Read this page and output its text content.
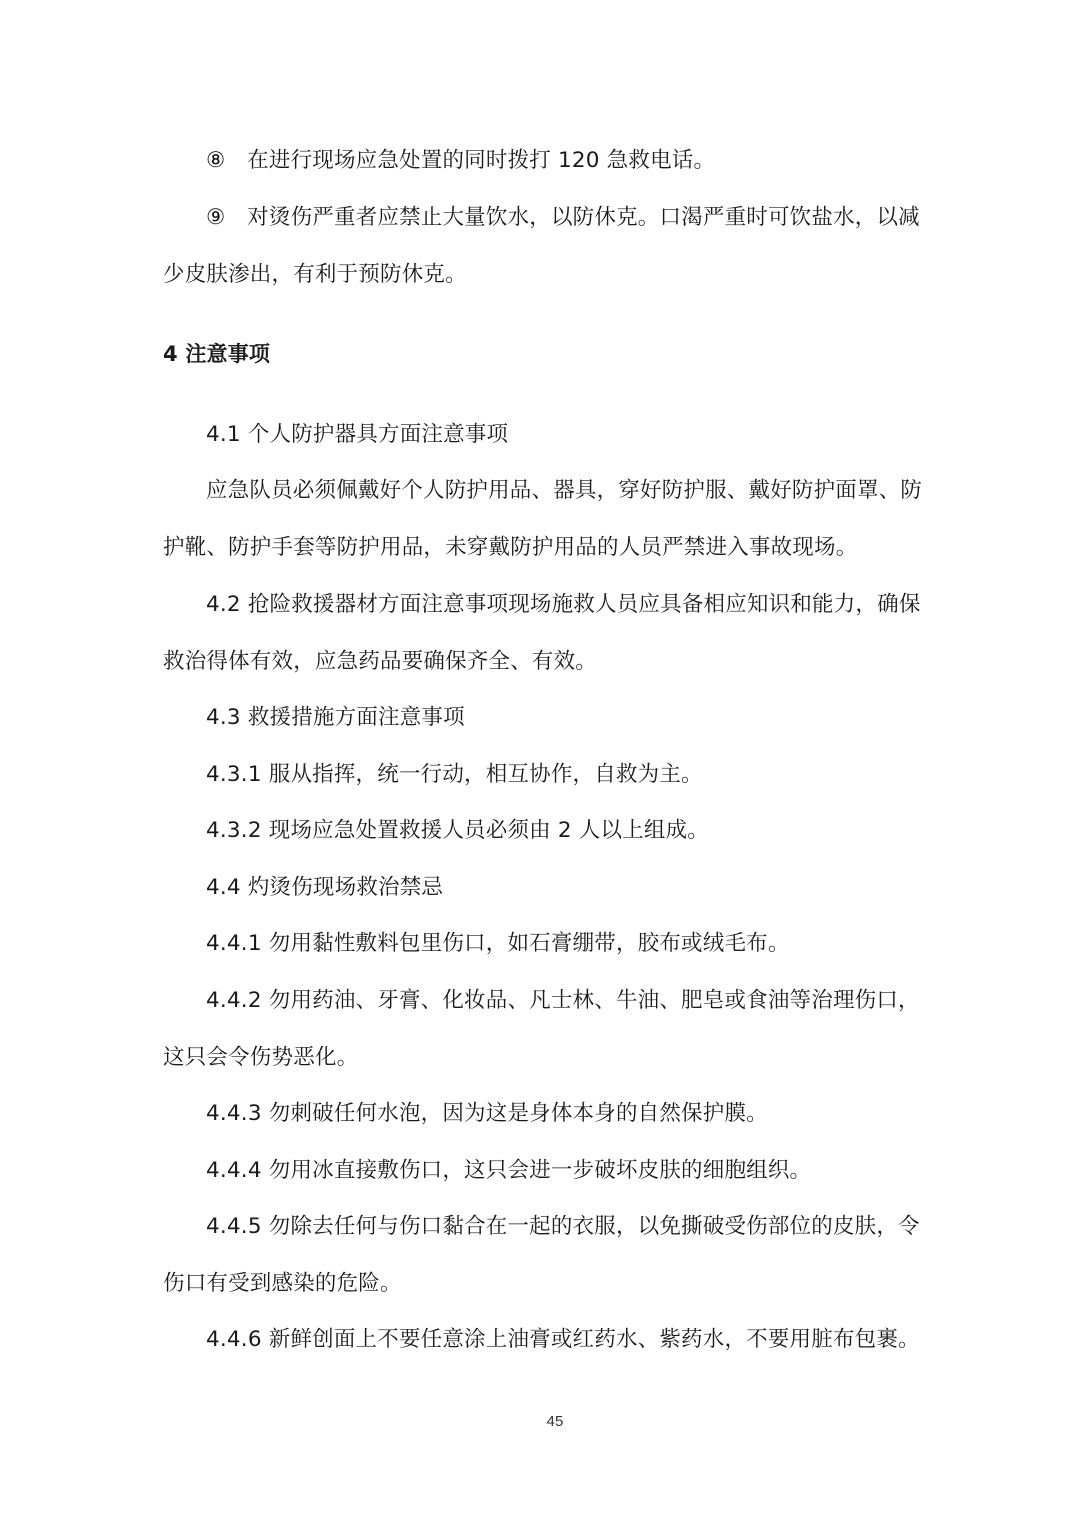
⑧　在进行现场应急处置的同时拨打 120 急救电话。
⑨　对烫伤严重者应禁止大量饮水，以防休克。口渴严重时可饮盐水，以减
少皮肤渗出，有利于预防休克。
4 注意事项
4.1 个人防护器具方面注意事项
应急队员必须佩戴好个人防护用品、器具，穿好防护服、戴好防护面罩、防
护靴、防护手套等防护用品，未穿戴防护用品的人员严禁进入事故现场。
4.2 抢险救援器材方面注意事项现场施救人员应具备相应知识和能力，确保
救治得体有效，应急药品要确保齐全、有效。
4.3 救援措施方面注意事项
4.3.1 服从指挥，统一行动，相互协作，自救为主。
4.3.2 现场应急处置救援人员必须由 2 人以上组成。
4.4 灼烫伤现场救治禁忌
4.4.1 勿用黏性敷料包里伤口，如石膏绷带，胶布或绒毛布。
4.4.2 勿用药油、牙膏、化妆品、凡士林、牛油、肥皂或食油等治理伤口，
这只会令伤势恶化。
4.4.3 勿刺破任何水泡，因为这是身体本身的自然保护膜。
4.4.4 勿用冰直接敷伤口，这只会进一步破坏皮肤的细胞组织。
4.4.5 勿除去任何与伤口黏合在一起的衣服，以免撕破受伤部位的皮肤，令
伤口有受到感染的危险。
4.4.6 新鲜创面上不要任意涂上油膏或红药水、紫药水，不要用脏布包裹。
45
